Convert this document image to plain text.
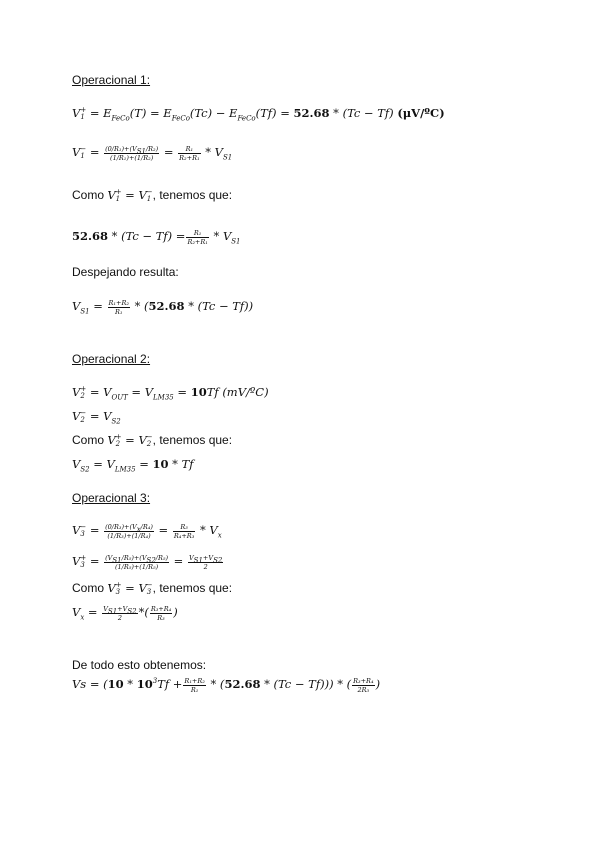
Operacional 1:
V +
$1 = E_{FeCo}(T) = E_{FeCo}(Tc) - E_{FeCo}(Tf) = 52.68 * (Tc - Tf)$ (μV/ºC)
V −
$1 = \frac{(0/R_1)+(V_{S1}/R_2)}{\text{(1/R₁)+(1/R₂)}} = \frac{\text{R₁}}{\text{R₂+R₁}} * V_{S1}$
Como V +
1 = V −
1 , tenemos que:
$52.68 * (Tc - Tf) = \frac{\text{R₁}}{\text{R₂+R₁}} * V_{S1}$
Despejando resulta:
$V_{S1} = \frac{\text{R₁+R₂}}{\text{R₁}} * (52.68 * (Tc - Tf))$
Operacional 2:
V +
$2 = V_{OUT} = V_{LM35} = 10Tf$ (mV/ºC)
V −
$2 = V_{S2}$
Como V +
2 = V −
2 , tenemos que:
$V_{S2} = V_{LM35} = 10 * Tf$
Operacional 3:
V −
$3 = \frac{(0/R_3)+(V_x/R_4)}{\text{(1/R₃)+(1/R₄)}} = \frac{\text{R₃}}{\text{R₄+R₃}} * V_x$
V +
$3 = \frac{(V_{S1}/R_5)+(V_{S2}/R_5)}{\text{(1/R₅)+(1/R₅)}} = \frac{V_{S1}+V_{S2}}{2}$
Como V +
3 = V −
3 , tenemos que:
$V_x = \frac{V_{S1}+V_{S2}}{2}$ *( $\frac{\text{R₃+R₄}}{\text{R₃}}$ )
De todo esto obtenemos:
$Vs = (10 * 10^3Tf + \frac{\text{R₁+R₂}}{\text{R₁}} * (52.68 * (Tc - Tf)))$ * ( $\frac{\text{R₃+R₄}}{\text{2R₃}}$ )
